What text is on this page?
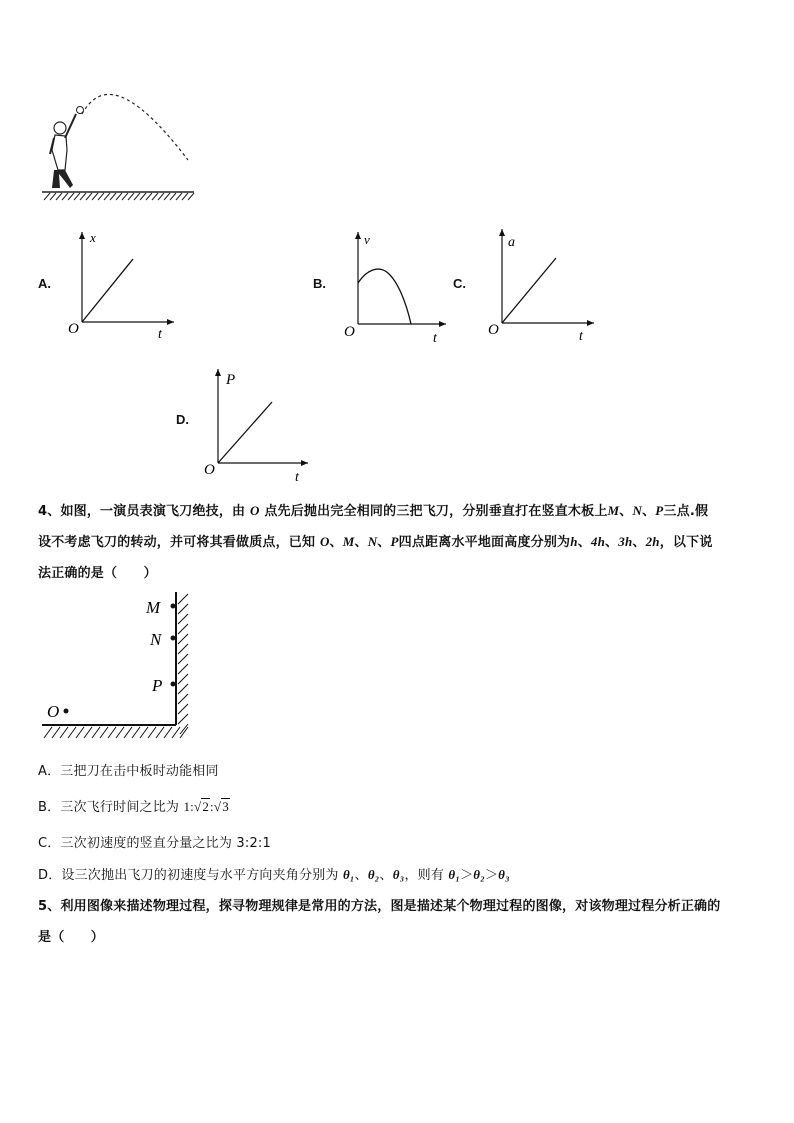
A.
x
t
O
B.
v
t
O
C.
a
t
O
D.
P
t
O
4、如图，一演员表演飞刀绝技，由 O 点先后抛出完全相同的三把飞刀，分别垂直打在竖直木板上M、N、P三点.假
设不考虑飞刀的转动，并可将其看做质点，已知 O、M、N、P四点距离水平地面高度分别为h、4h、3h、2h，以下说
法正确的是（　　）
M
N
P
O
A．三把刀在击中板时动能相同
B．三次飞行时间之比为 1:√2:√3
C．三次初速度的竖直分量之比为 3:2:1
D．设三次抛出飞刀的初速度与水平方向夹角分别为 θ₁、θ₂、θ₃，则有 θ₁＞θ₂＞θ₃
5、利用图像来描述物理过程，探寻物理规律是常用的方法，图是描述某个物理过程的图像，对该物理过程分析正确的
是（　　）
